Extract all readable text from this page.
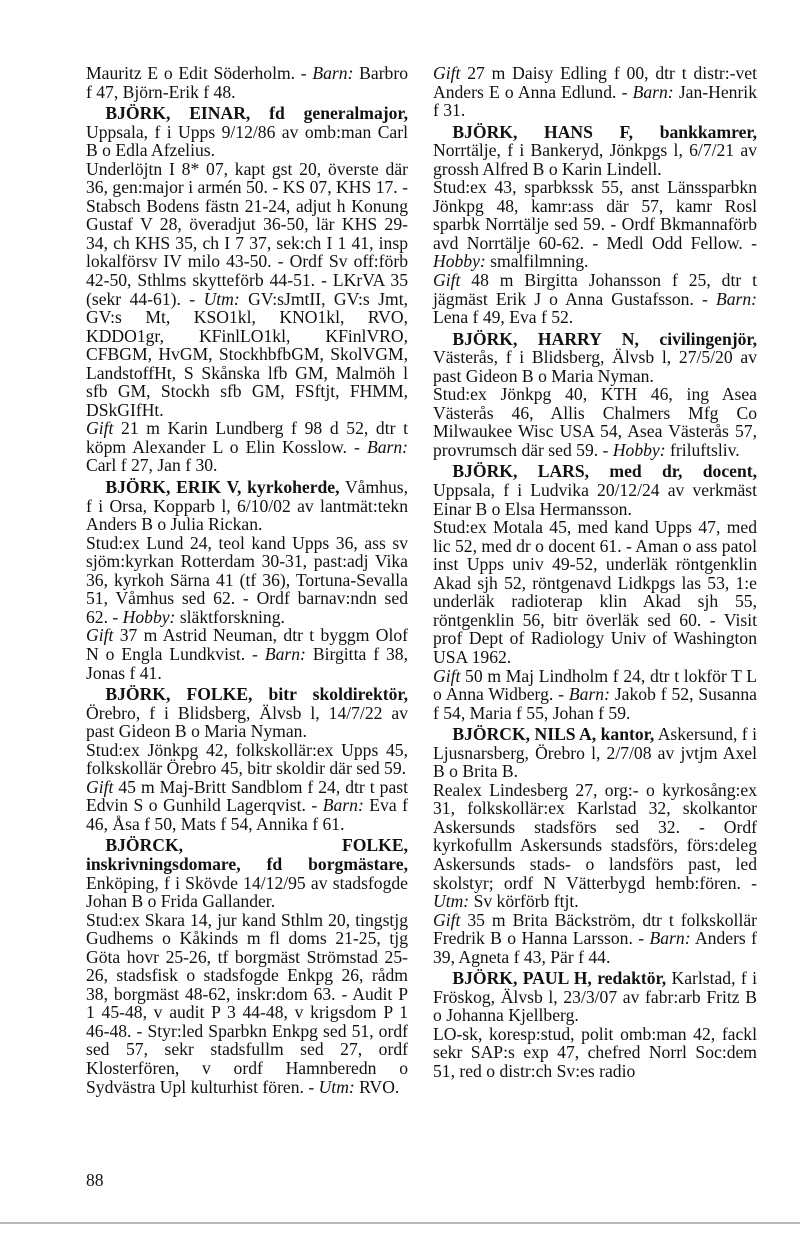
Mauritz E o Edit Söderholm. - Barn: Barbro f 47, Björn-Erik f 48.

BJÖRK, EINAR, fd generalmajor, Uppsala, f i Upps 9/12/86 av omb:man Carl B o Edla Afzelius.

Underlöjtn I 8* 07, kapt gst 20, överste där 36, gen:major i armén 50. - KS 07, KHS 17. - Stabsch Bodens fästn 21-24, adjut h Konung Gustaf V 28, överadjut 36-50, lär KHS 29-34, ch KHS 35, ch I 7 37, sek:ch I 1 41, insp lokalförsv IV milo 43-50. - Ordf Sv off:förb 42-50, Sthlms skytteförb 44-51. - LKrVA 35 (sekr 44-61). - Utm: GV:sJmtII, GV:s Jmt, GV:s Mt, KSO1kl, KNO1kl, RVO, KDDO1gr, KFinlLO1kl, KFinlVRO, CFBGM, HvGM, StockhbfbGM, SkolVGM, LandstoffHt, S Skånska lfb GM, Malmöh l sfb GM, Stockh sfb GM, FSftjt, FHMM, DSkGIfHt.

Gift 21 m Karin Lundberg f 98 d 52, dtr t köpm Alexander L o Elin Kosslow. - Barn: Carl f 27, Jan f 30.

BJÖRK, ERIK V, kyrkoherde, Våmhus, f i Orsa, Kopparb l, 6/10/02 av lantmät:tekn Anders B o Julia Rickan.

Stud:ex Lund 24, teol kand Upps 36, ass sv sjöm:kyrkan Rotterdam 30-31, past:adj Vika 36, kyrkoh Särna 41 (tf 36), Tortuna-Sevalla 51, Våmhus sed 62. - Ordf barnav:ndn sed 62. - Hobby: släktforskning.

Gift 37 m Astrid Neuman, dtr t byggm Olof N o Engla Lundkvist. - Barn: Birgitta f 38, Jonas f 41.

BJÖRK, FOLKE, bitr skoldirektör, Örebro, f i Blidsberg, Älvsb l, 14/7/22 av past Gideon B o Maria Nyman.

Stud:ex Jönkpg 42, folkskollär:ex Upps 45, folkskollär Örebro 45, bitr skoldir där sed 59.

Gift 45 m Maj-Britt Sandblom f 24, dtr t past Edvin S o Gunhild Lagerqvist. - Barn: Eva f 46, Åsa f 50, Mats f 54, Annika f 61.

BJÖRCK, FOLKE, inskrivningsdomare, fd borgmästare, Enköping, f i Skövde 14/12/95 av stadsfogde Johan B o Frida Gallander.

Stud:ex Skara 14, jur kand Sthlm 20, tingstjg Gudhems o Kåkinds m fl doms 21-25, tjg Göta hovr 25-26, tf borgmäst Strömstad 25-26, stadsfisk o stadsfogde Enkpg 26, rådm 38, borgmäst 48-62, inskr:dom 63. - Audit P 1 45-48, v audit P 3 44-48, v krigsdom P 1 46-48. - Styr:led Sparbkn Enkpg sed 51, ordf sed 57, sekr stadsfullm sed 27, ordf Klosterfören, v ordf Hamnberedn o Sydvästra Upl kulturhist fören. - Utm: RVO.

Gift 27 m Daisy Edling f 00, dtr t distr:-vet Anders E o Anna Edlund. - Barn: Jan-Henrik f 31.

BJÖRK, HANS F, bankkamrer, Norrtälje, f i Bankeryd, Jönkpgs l, 6/7/21 av grossh Alfred B o Karin Lindell.

Stud:ex 43, sparbkssk 55, anst Länssparbkn Jönkpg 48, kamr:ass där 57, kamr Rosl sparbk Norrtälje sed 59. - Ordf Bkmannaförb avd Norrtälje 60-62. - Medl Odd Fellow. - Hobby: smalfilmning.

Gift 48 m Birgitta Johansson f 25, dtr t jägmäst Erik J o Anna Gustafsson. - Barn: Lena f 49, Eva f 52.

BJÖRK, HARRY N, civilingenjör, Västerås, f i Blidsberg, Älvsb l, 27/5/20 av past Gideon B o Maria Nyman.

Stud:ex Jönkpg 40, KTH 46, ing Asea Västerås 46, Allis Chalmers Mfg Co Milwaukee Wisc USA 54, Asea Västerås 57, provrumsch där sed 59. - Hobby: friluftsliv.

BJÖRK, LARS, med dr, docent, Uppsala, f i Ludvika 20/12/24 av verkmäst Einar B o Elsa Hermansson.

Stud:ex Motala 45, med kand Upps 47, med lic 52, med dr o docent 61. - Aman o ass patol inst Upps univ 49-52, underläk röntgenklin Akad sjh 52, röntgenavd Lidkpgs las 53, 1:e underläk radioterap klin Akad sjh 55, röntgenklin 56, bitr överläk sed 60. - Visit prof Dept of Radiology Univ of Washington USA 1962.

Gift 50 m Maj Lindholm f 24, dtr t lokför T L o Anna Widberg. - Barn: Jakob f 52, Susanna f 54, Maria f 55, Johan f 59.

BJÖRCK, NILS A, kantor, Askersund, f i Ljusnarsberg, Örebro l, 2/7/08 av jvtjm Axel B o Brita B.

Realex Lindesberg 27, org:- o kyrkosång:ex 31, folkskollär:ex Karlstad 32, skolkantor Askersunds stadsförs sed 32. - Ordf kyrkofullm Askersunds stadsförs, förs:deleg Askersunds stads- o landsförs past, led skolstyr; ordf N Vätterbygd hemb:fören. - Utm: Sv körförb ftjt.

Gift 35 m Brita Bäckström, dtr t folkskollär Fredrik B o Hanna Larsson. - Barn: Anders f 39, Agneta f 43, Pär f 44.

BJÖRK, PAUL H, redaktör, Karlstad, f i Fröskog, Älvsb l, 23/3/07 av fabr:arb Fritz B o Johanna Kjellberg.

LO-sk, koresp:stud, polit omb:man 42, fackl sekr SAP:s exp 47, chefred Norrl Soc:dem 51, red o distr:ch Sv:es radio

88
